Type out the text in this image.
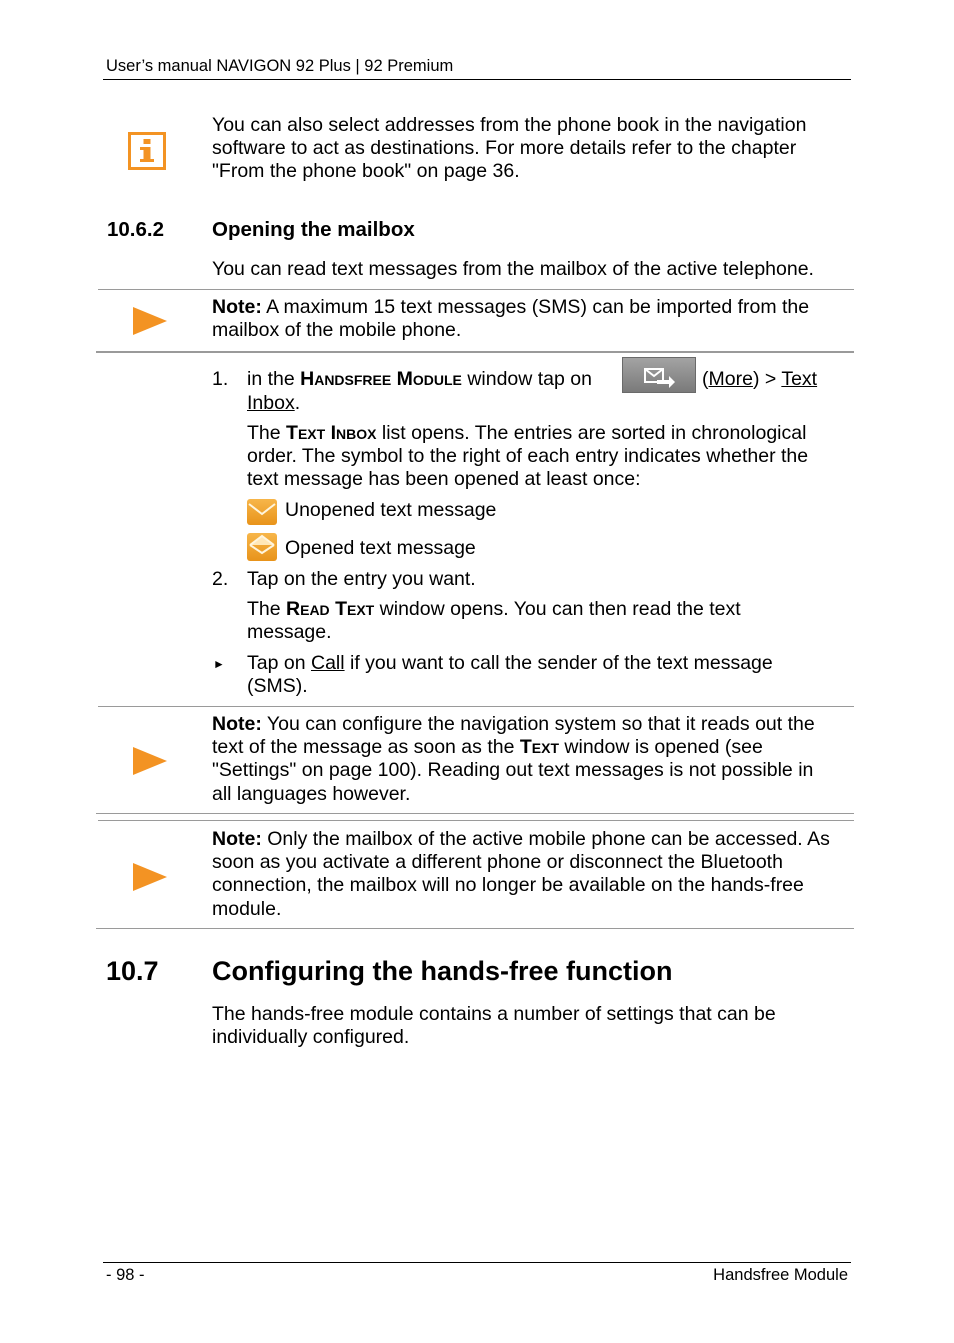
User’s manual NAVIGON 92 Plus | 92 Premium
You can also select addresses from the phone book in the navigation
software to act as destinations. For more details refer to the chapter
"From the phone book" on page 36.
10.6.2 Opening the mailbox
You can read text messages from the mailbox of the active telephone.
Note: A maximum 15 text messages (SMS) can be imported from the
mailbox of the mobile phone.
1. in the Handsfree Module window tap on	(More) > Text
Inbox.
The Text Inbox list opens. The entries are sorted in chronological
order. The symbol to the right of each entry indicates whether the
text message has been opened at least once:
Unopened text message
Opened text message
2. Tap on the entry you want.
The Read Text window opens. You can then read the text
message.
► Tap on Call if you want to call the sender of the text message
(SMS).
Note: You can configure the navigation system so that it reads out the
text of the message as soon as the Text window is opened (see
"Settings" on page 100). Reading out text messages is not possible in
all languages however.
Note: Only the mailbox of the active mobile phone can be accessed. As
soon as you activate a different phone or disconnect the Bluetooth
connection, the mailbox will no longer be available on the hands-free
module.
10.7 Configuring the hands-free function
The hands-free module contains a number of settings that can be
individually configured.
- 98 -	Handsfree Module
